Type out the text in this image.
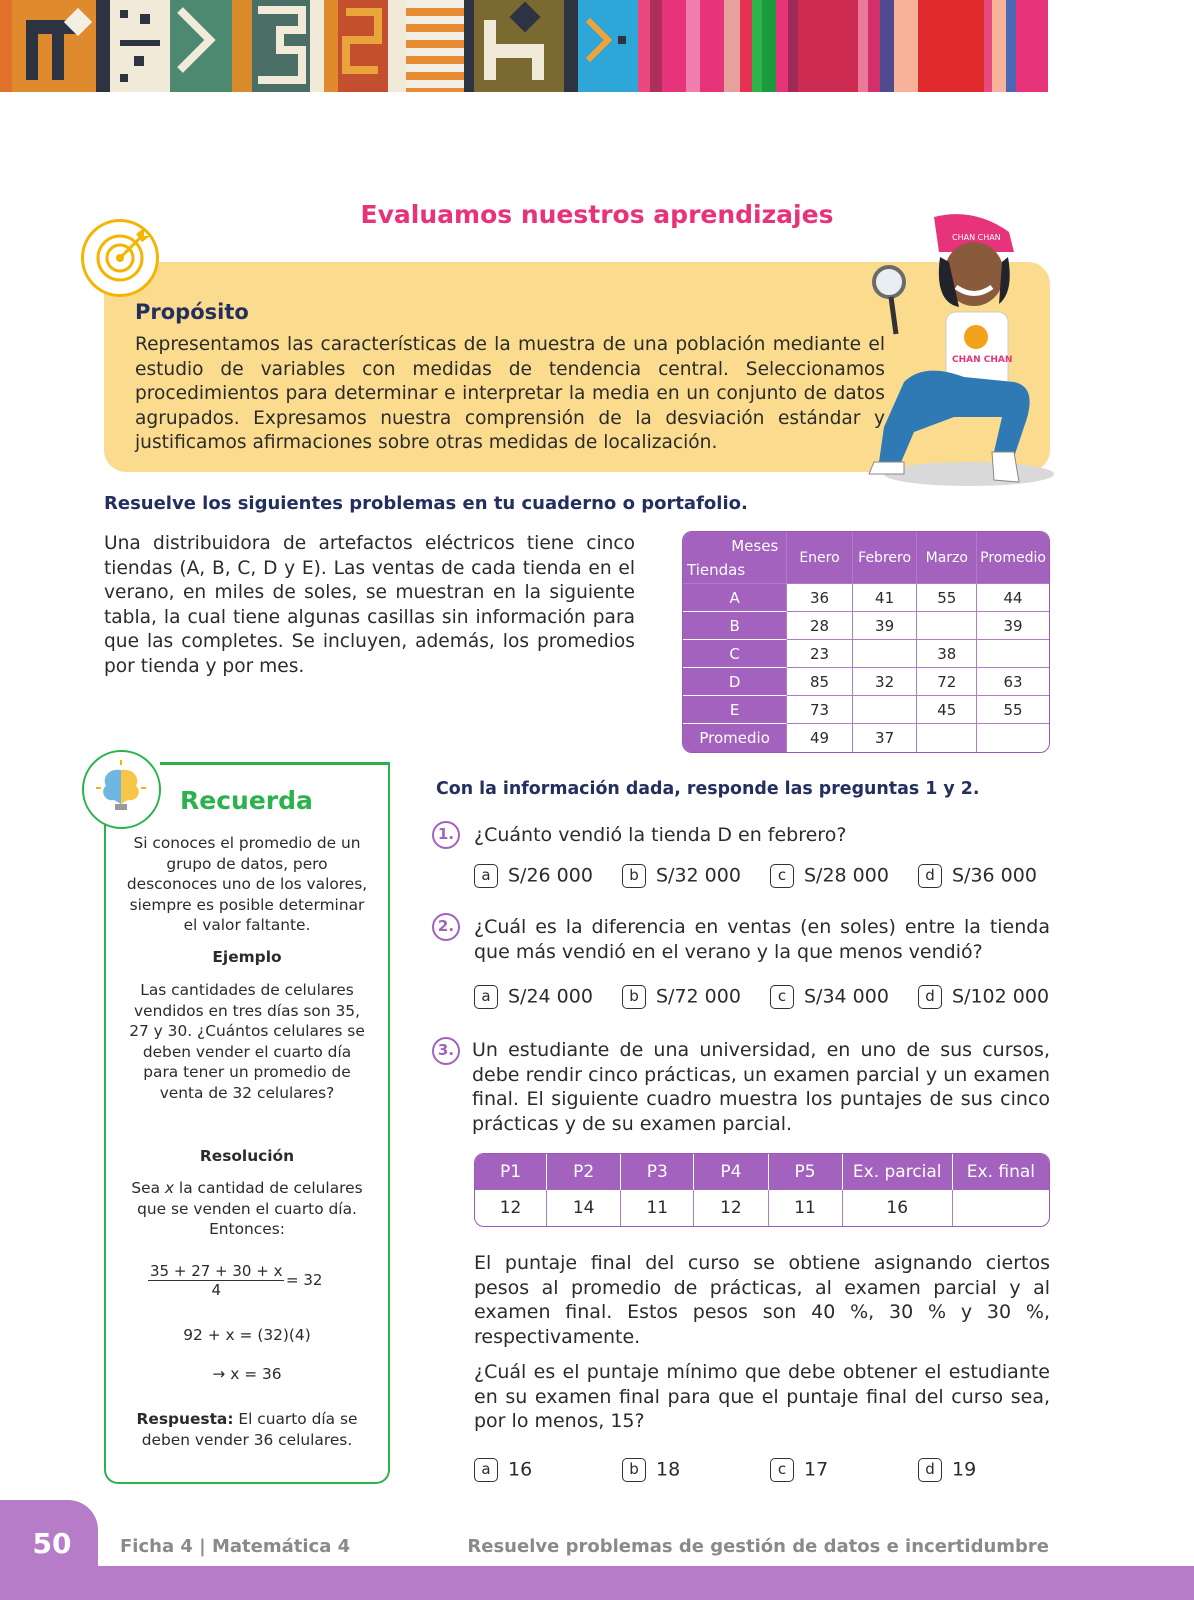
Evaluamos nuestros aprendizajes
Propósito
Representamos las características de la muestra de una población mediante el estudio de variables con medidas de tendencia central. Seleccionamos procedimientos para determinar e interpretar la media en un conjunto de datos agrupados. Expresamos nuestra comprensión de la desviación estándar y justificamos afirmaciones sobre otras medidas de localización.
CHAN CHAN
CHAN CHAN
Resuelve los siguientes problemas en tu cuaderno o portafolio.
Una distribuidora de artefactos eléctricos tiene cinco tiendas (A, B, C, D y E). Las ventas de cada tienda en el verano, en miles de soles, se muestran en la siguiente tabla, la cual tiene algunas casillas sin información para que las completes. Se incluyen, además, los promedios por tienda y por mes.
Meses
Tiendas	Enero	Febrero	Marzo	Promedio
A	36	41	55	44
B	28	39		39
C	23		38	
D	85	32	72	63
E	73		45	55
Promedio	49	37		
Recuerda
Si conoces el promedio de un grupo de datos, pero desconoces uno de los valores, siempre es posible determinar el valor faltante.
Ejemplo
Las cantidades de celulares vendidos en tres días son 35, 27 y 30. ¿Cuántos celulares se deben vender el cuarto día para tener un promedio de venta de 32 celulares?
Resolución
Sea x la cantidad de celulares que se venden el cuarto día. Entonces:
$\frac{35 + 27 + 30 + x}{4} = 32$
92 + x = (32)(4)
→ x = 36
Respuesta: El cuarto día se deben vender 36 celulares.
Con la información dada, responde las preguntas 1 y 2.
1.	¿Cuánto vendió la tienda D en febrero?
a S/26 000	b S/32 000	c S/28 000	d S/36 000
2.	¿Cuál es la diferencia en ventas (en soles) entre la tienda que más vendió en el verano y la que menos vendió?
a S/24 000	b S/72 000	c S/34 000	d S/102 000
3. Un estudiante de una universidad, en uno de sus cursos, debe rendir cinco prácticas, un examen parcial y un examen final. El siguiente cuadro muestra los puntajes de sus cinco prácticas y de su examen parcial.
P1	P2	P3	P4	P5	Ex. parcial	Ex. final
12	14	11	12	11	16	
El puntaje final del curso se obtiene asignando ciertos pesos al promedio de prácticas, al examen parcial y al examen final. Estos pesos son 40 %, 30 % y 30 %, respectivamente.
¿Cuál es el puntaje mínimo que debe obtener el estudiante en su examen final para que el puntaje final del curso sea, por lo menos, 15?
a 16	b 18	c 17	d 19
50	Ficha 4 | Matemática 4	Resuelve problemas de gestión de datos e incertidumbre
